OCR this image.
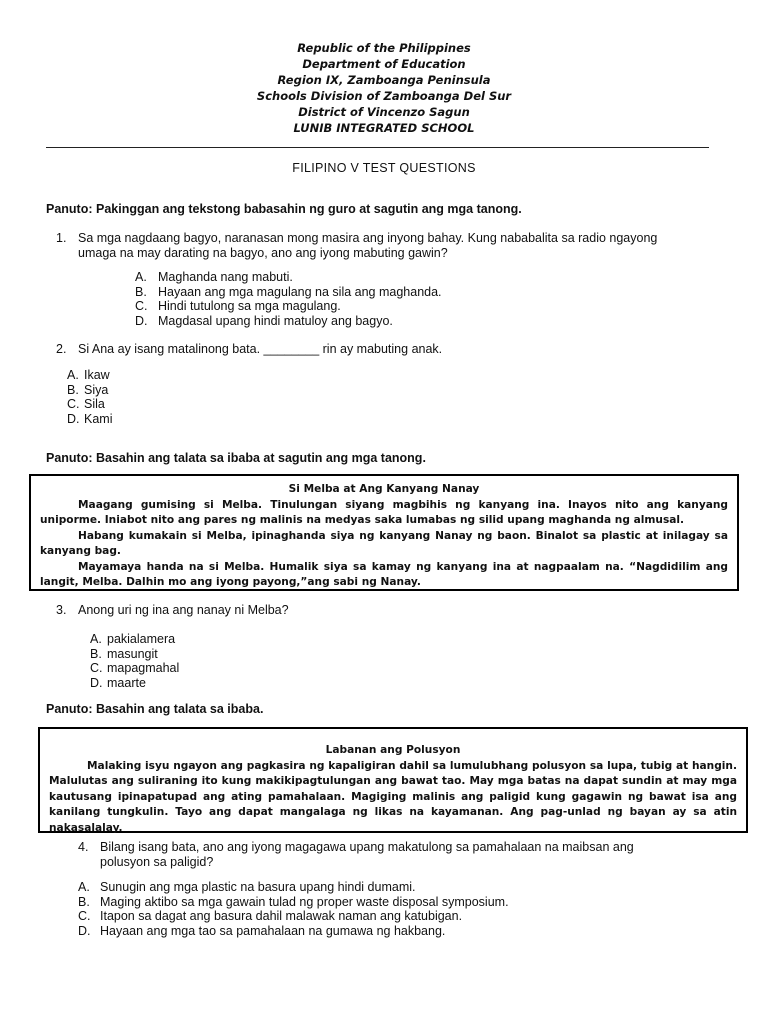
Republic of the Philippines
Department of Education
Region IX, Zamboanga Peninsula
Schools Division of Zamboanga Del Sur
District of Vincenzo Sagun
LUNIB INTEGRATED SCHOOL
FILIPINO V TEST QUESTIONS
Panuto: Pakinggan ang tekstong babasahin ng guro at sagutin ang mga tanong.
1. Sa mga nagdaang bagyo, naranasan mong masira ang inyong bahay. Kung nababalita sa radio ngayong
umaga na may darating na bagyo, ano ang iyong mabuting gawin?
A. Maghanda nang mabuti.
B. Hayaan ang mga magulang na sila ang maghanda.
C. Hindi tutulong sa mga magulang.
D. Magdasal upang hindi matuloy ang bagyo.
2. Si Ana ay isang matalinong bata. ________ rin ay mabuting anak.
A. Ikaw
B. Siya
C. Sila
D. Kami
Panuto: Basahin ang talata sa ibaba at sagutin ang mga tanong.
Si Melba at Ang Kanyang Nanay

Maagang gumising si Melba. Tinulungan siyang magbihis ng kanyang ina. Inayos nito ang kanyang uniporme. Iniabot nito ang pares ng malinis na medyas saka lumabas ng silid upang maghanda ng almusal.

Habang kumakain si Melba, ipinaghanda siya ng kanyang Nanay ng baon. Binalot sa plastic at inilagay sa kanyang bag.

Mayamaya handa na si Melba. Humalik siya sa kamay ng kanyang ina at nagpaalam na. “Nagdidilim ang langit, Melba. Dalhin mo ang iyong payong,”ang sabi ng Nanay.

3. Anong uri ng ina ang nanay ni Melba?
A. pakialamera
B. masungit
C. mapagmahal
D. maarte
Panuto: Basahin ang talata sa ibaba.
Labanan ang Polusyon

Malaking isyu ngayon ang pagkasira ng kapaligiran dahil sa lumulubhang polusyon sa lupa, tubig at hangin. Malulutas ang suliraning ito kung makikipagtulungan ang bawat tao. May mga batas na dapat sundin at may mga kautusang ipinapatupad ang ating pamahalaan. Magiging malinis ang paligid kung gagawin ng bawat isa ang kanilang tungkulin. Tayo ang dapat mangalaga ng likas na kayamanan. Ang pag-unlad ng bayan ay sa atin nakasalalay.

4. Bilang isang bata, ano ang iyong magagawa upang makatulong sa pamahalaan na maibsan ang
polusyon sa paligid?
A. Sunugin ang mga plastic na basura upang hindi dumami.
B. Maging aktibo sa mga gawain tulad ng proper waste disposal symposium.
C. Itapon sa dagat ang basura dahil malawak naman ang katubigan.
D. Hayaan ang mga tao sa pamahalaan na gumawa ng hakbang.
